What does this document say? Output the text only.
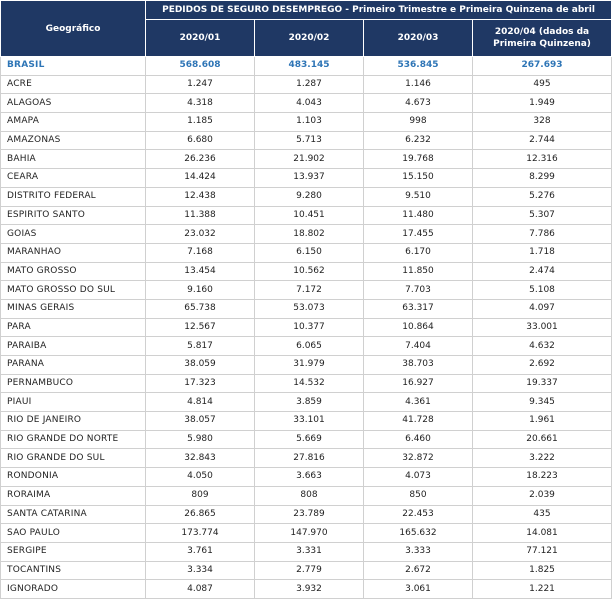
Geográfico	PEDIDOS DE SEGURO DESEMPREGO - Primeiro Trimestre e Primeira Quinzena de abril			
	2020/01	2020/02	2020/03	2020/04 (dados da Primeira Quinzena)
BRASIL	568.608	483.145	536.845	267.693
ACRE	1.247	1.287	1.146	495
ALAGOAS	4.318	4.043	4.673	1.949
AMAPA	1.185	1.103	998	328
AMAZONAS	6.680	5.713	6.232	2.744
BAHIA	26.236	21.902	19.768	12.316
CEARA	14.424	13.937	15.150	8.299
DISTRITO FEDERAL	12.438	9.280	9.510	5.276
ESPIRITO SANTO	11.388	10.451	11.480	5.307
GOIAS	23.032	18.802	17.455	7.786
MARANHAO	7.168	6.150	6.170	1.718
MATO GROSSO	13.454	10.562	11.850	2.474
MATO GROSSO DO SUL	9.160	7.172	7.703	5.108
MINAS GERAIS	65.738	53.073	63.317	4.097
PARA	12.567	10.377	10.864	33.001
PARAIBA	5.817	6.065	7.404	4.632
PARANA	38.059	31.979	38.703	2.692
PERNAMBUCO	17.323	14.532	16.927	19.337
PIAUI	4.814	3.859	4.361	9.345
RIO DE JANEIRO	38.057	33.101	41.728	1.961
RIO GRANDE DO NORTE	5.980	5.669	6.460	20.661
RIO GRANDE DO SUL	32.843	27.816	32.872	3.222
RONDONIA	4.050	3.663	4.073	18.223
RORAIMA	809	808	850	2.039
SANTA CATARINA	26.865	23.789	22.453	435
SAO PAULO	173.774	147.970	165.632	14.081
SERGIPE	3.761	3.331	3.333	77.121
TOCANTINS	3.334	2.779	2.672	1.825
IGNORADO	4.087	3.932	3.061	1.221
